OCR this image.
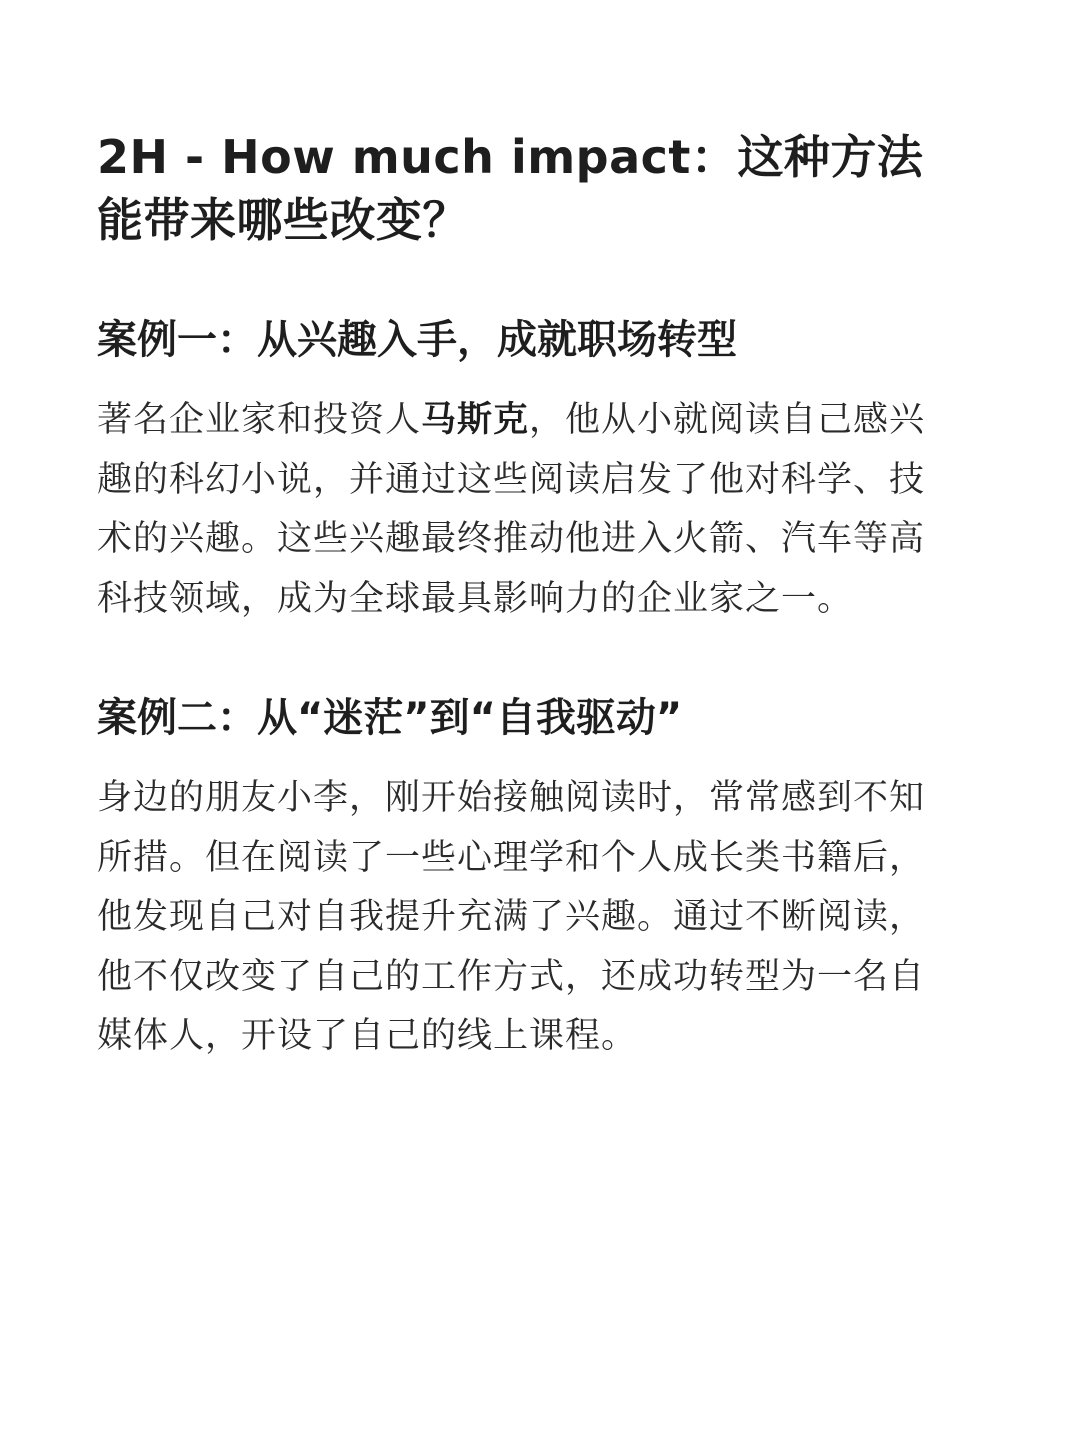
2H - How much impact：这种方法能带来哪些改变？
案例一：从兴趣入手，成就职场转型

著名企业家和投资人马斯克，他从小就阅读自己感兴趣的科幻小说，并通过这些阅读启发了他对科学、技术的兴趣。这些兴趣最终推动他进入火箭、汽车等高科技领域，成为全球最具影响力的企业家之一。

案例二：从“迷茫”到“自我驱动”

身边的朋友小李，刚开始接触阅读时，常常感到不知所措。但在阅读了一些心理学和个人成长类书籍后，他发现自己对自我提升充满了兴趣。通过不断阅读，他不仅改变了自己的工作方式，还成功转型为一名自媒体人，开设了自己的线上课程。
